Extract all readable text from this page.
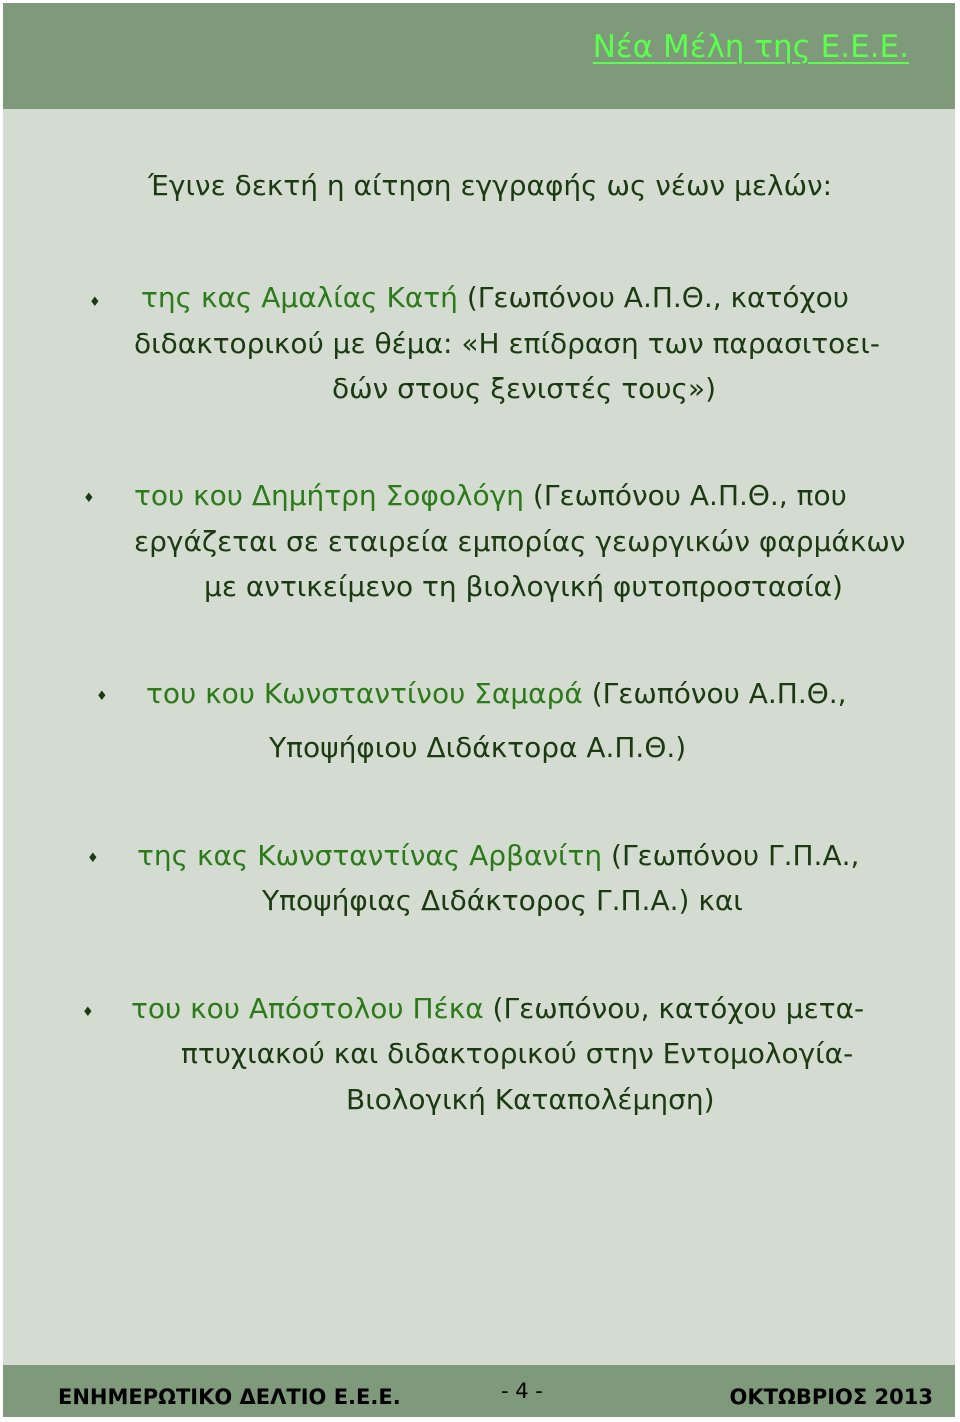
Νέα Μέλη της Ε.Ε.Ε.
Έγινε δεκτή η αίτηση εγγραφής ως νέων μελών:
♦ της κας Αμαλίας Κατή (Γεωπόνου Α.Π.Θ., κατόχου
διδακτορικού με θέμα: «Η επίδραση των παρασιτοει-
δών στους ξενιστές τους»)
♦ του κου Δημήτρη Σοφολόγη (Γεωπόνου Α.Π.Θ., που
εργάζεται σε εταιρεία εμπορίας γεωργικών φαρμάκων
με αντικείμενο τη βιολογική φυτοπροστασία)
♦ του κου Κωνσταντίνου Σαμαρά (Γεωπόνου Α.Π.Θ.,
Υποψήφιου Διδάκτορα Α.Π.Θ.)
♦ της κας Κωνσταντίνας Αρβανίτη (Γεωπόνου Γ.Π.Α.,
Υποψήφιας Διδάκτορος Γ.Π.Α.) και
♦ του κου Απόστολου Πέκα (Γεωπόνου, κατόχου μετα-
πτυχιακού και διδακτορικού στην Εντομολογία-
Βιολογική Καταπολέμηση)
ΕΝΗΜΕΡΩΤΙΚΟ ΔΕΛΤΙΟ Ε.Ε.Ε.	- 4 -	ΟΚΤΩΒΡΙΟΣ 2013
